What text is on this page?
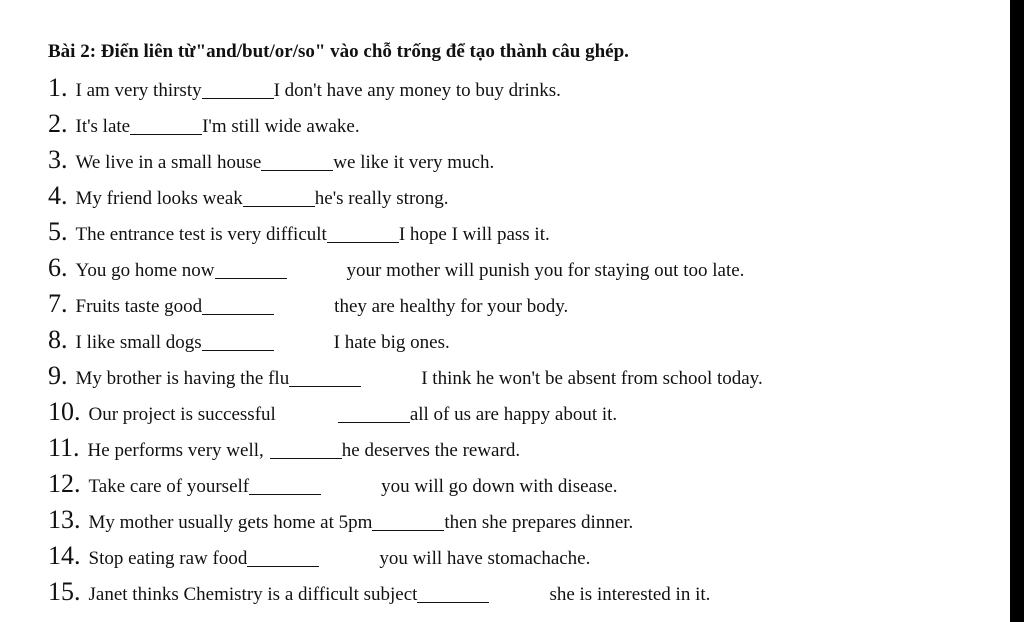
Bài 2: Điển liên từ"and/but/or/so" vào chỗ trống để tạo thành câu ghép.
1. I am very thirsty	I don't have any money to buy drinks.
2. It's late	I'm still wide awake.
3. We live in a small house	we like it very much.
4. My friend looks weak	he's really strong.
5. The entrance test is very difficult	I hope I will pass it.
6. You go home now	your mother will punish you for staying out too late.
7. Fruits taste good	they are healthy for your body.
8. I like small dogs	I hate big ones.
9. My brother is having the flu	I think he won't be absent from school today.
10. Our project is successful	all of us are happy about it.
11. He performs very well,	he deserves the reward.
12. Take care of yourself	you will go down with disease.
13. My mother usually gets home at 5pm	then she prepares dinner.
14. Stop eating raw food	you will have stomachache.
15. Janet thinks Chemistry is a difficult subject	she is interested in it.
